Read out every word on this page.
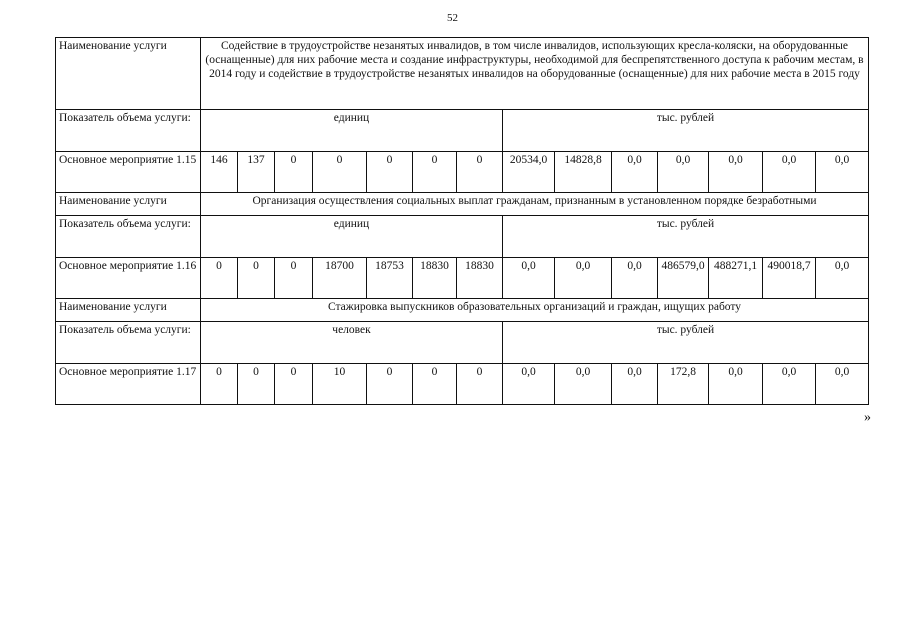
52
Наименование услуги	Содействие в трудоустройстве незанятых инвалидов, в том числе инвалидов, использующих кресла-коляски, на оборудованные (оснащенные) для них рабочие места и создание инфраструктуры, необходимой для беспрепятственного доступа к рабочим местам, в 2014 году и содействие в трудоустройстве незанятых инвалидов на оборудованные (оснащенные) для них рабочие места в 2015 году													
Показатель объема услуги:	единиц							тыс. рублей						
Основное мероприятие 1.15	146	137	0	0	0	0	0	20534,0	14828,8	0,0	0,0	0,0	0,0	0,0
Наименование услуги	Организация осуществления социальных выплат гражданам, признанным в установленном порядке безработными													
Показатель объема услуги:	единиц							тыс. рублей						
Основное мероприятие 1.16	0	0	0	18700	18753	18830	18830	0,0	0,0	0,0	486579,0	488271,1	490018,7	0,0
Наименование услуги	Стажировка выпускников образовательных организаций и граждан, ищущих работу													
Показатель объема услуги:	человек							тыс. рублей						
Основное мероприятие 1.17	0	0	0	10	0	0	0	0,0	0,0	0,0	172,8	0,0	0,0	0,0
»
